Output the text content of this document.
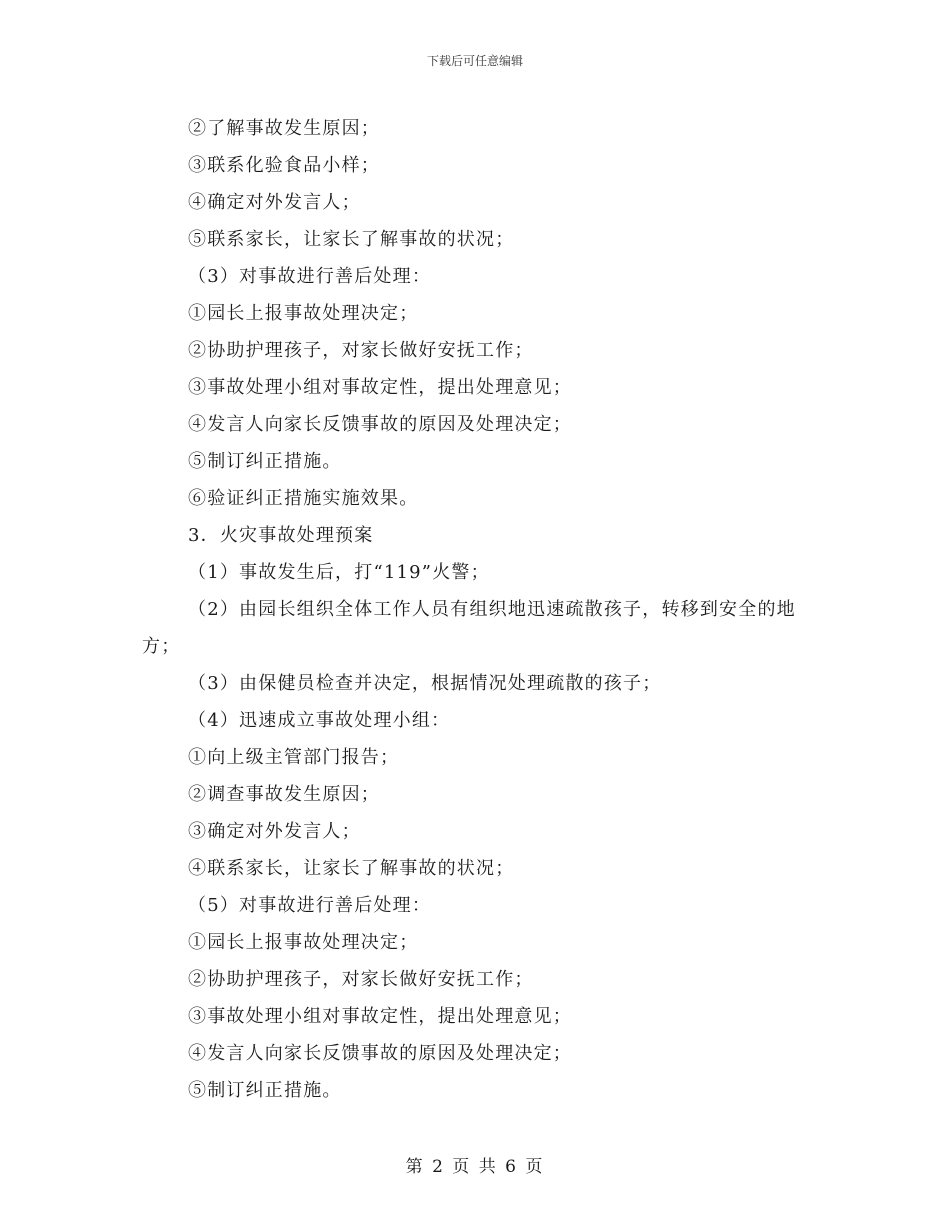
下载后可任意编辑

②了解事故发生原因；

③联系化验食品小样；

④确定对外发言人；

⑤联系家长，让家长了解事故的状况；

（3）对事故进行善后处理：

①园长上报事故处理决定；

②协助护理孩子，对家长做好安抚工作；

③事故处理小组对事故定性，提出处理意见；

④发言人向家长反馈事故的原因及处理决定；

⑤制订纠正措施。

⑥验证纠正措施实施效果。

3．火灾事故处理预案

（1）事故发生后，打“119”火警；

（2）由园长组织全体工作人员有组织地迅速疏散孩子，转移到安全的地方；

（3）由保健员检查并决定，根据情况处理疏散的孩子；

（4）迅速成立事故处理小组：

①向上级主管部门报告；

②调查事故发生原因；

③确定对外发言人；

④联系家长，让家长了解事故的状况；

（5）对事故进行善后处理：

①园长上报事故处理决定；

②协助护理孩子，对家长做好安抚工作；

③事故处理小组对事故定性，提出处理意见；

④发言人向家长反馈事故的原因及处理决定；

⑤制订纠正措施。

第 2 页 共 6 页
